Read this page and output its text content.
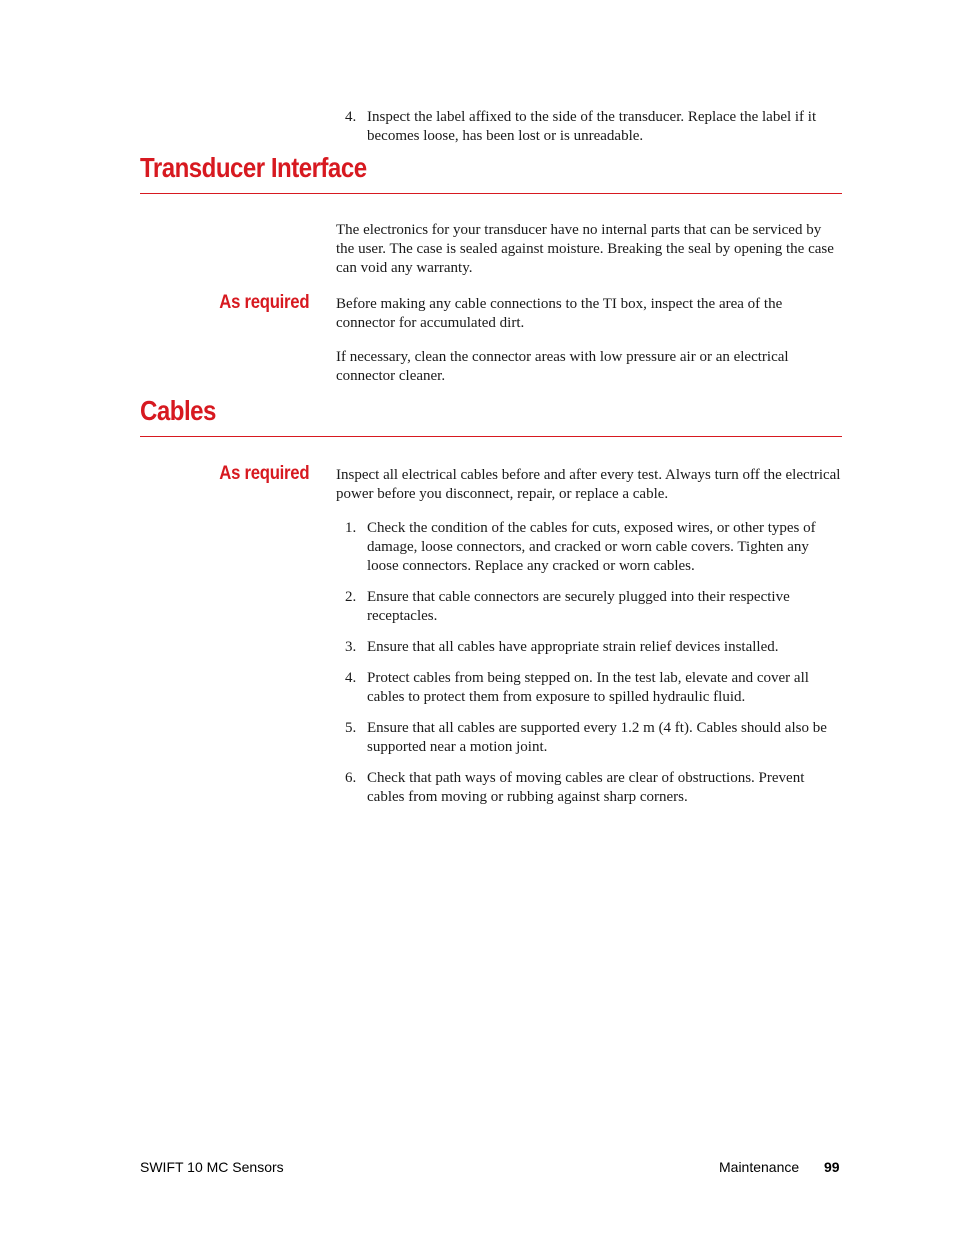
4. Inspect the label affixed to the side of the transducer. Replace the label if it becomes loose, has been lost or is unreadable.
Transducer Interface

The electronics for your transducer have no internal parts that can be serviced by the user. The case is sealed against moisture. Breaking the seal by opening the case can void any warranty.

As required Before making any cable connections to the TI box, inspect the area of the connector for accumulated dirt.

If necessary, clean the connector areas with low pressure air or an electrical connector cleaner.

Cables
As required Inspect all electrical cables before and after every test. Always turn off the electrical power before you disconnect, repair, or replace a cable.

1. Check the condition of the cables for cuts, exposed wires, or other types of damage, loose connectors, and cracked or worn cable covers. Tighten any loose connectors. Replace any cracked or worn cables.
2. Ensure that cable connectors are securely plugged into their respective receptacles.
3. Ensure that all cables have appropriate strain relief devices installed.
4. Protect cables from being stepped on. In the test lab, elevate and cover all cables to protect them from exposure to spilled hydraulic fluid.
5. Ensure that all cables are supported every 1.2 m (4 ft). Cables should also be supported near a motion joint.
6. Check that path ways of moving cables are clear of obstructions. Prevent cables from moving or rubbing against sharp corners.
SWIFT 10 MC Sensors	Maintenance 99
